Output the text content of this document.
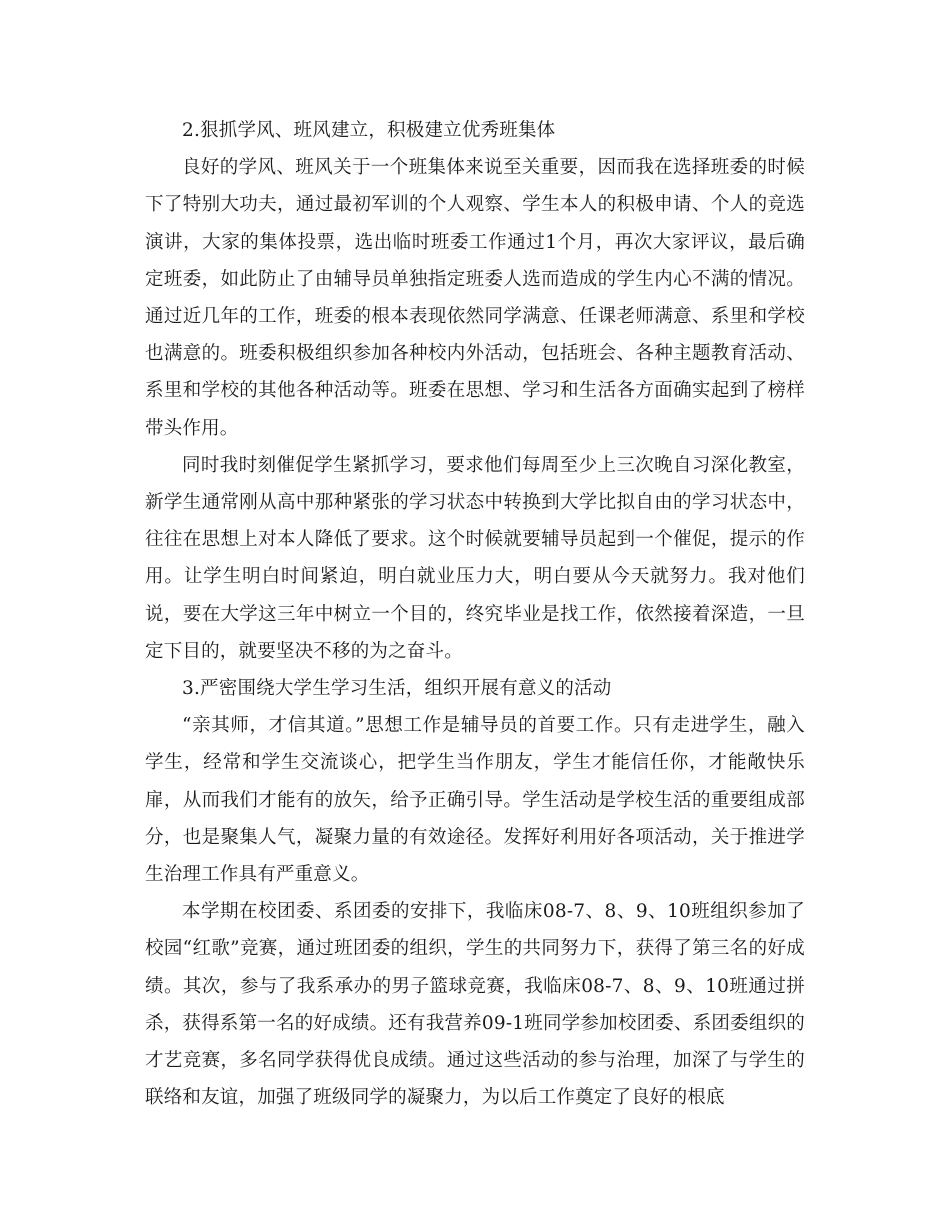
2.狠抓学风、班风建立，积极建立优秀班集体

良好的学风、班风关于一个班集体来说至关重要，因而我在选择班委的时候下了特别大功夫，通过最初军训的个人观察、学生本人的积极申请、个人的竞选演讲，大家的集体投票，选出临时班委工作通过1个月，再次大家评议，最后确定班委，如此防止了由辅导员单独指定班委人选而造成的学生内心不满的情况。通过近几年的工作，班委的根本表现依然同学满意、任课老师满意、系里和学校也满意的。班委积极组织参加各种校内外活动，包括班会、各种主题教育活动、系里和学校的其他各种活动等。班委在思想、学习和生活各方面确实起到了榜样带头作用。

同时我时刻催促学生紧抓学习，要求他们每周至少上三次晚自习深化教室，新学生通常刚从高中那种紧张的学习状态中转换到大学比拟自由的学习状态中，往往在思想上对本人降低了要求。这个时候就要辅导员起到一个催促，提示的作用。让学生明白时间紧迫，明白就业压力大，明白要从今天就努力。我对他们说，要在大学这三年中树立一个目的，终究毕业是找工作，依然接着深造，一旦定下目的，就要坚决不移的为之奋斗。

3.严密围绕大学生学习生活，组织开展有意义的活动

“亲其师，才信其道。”思想工作是辅导员的首要工作。只有走进学生，融入学生，经常和学生交流谈心，把学生当作朋友，学生才能信任你，才能敞快乐扉，从而我们才能有的放矢，给予正确引导。学生活动是学校生活的重要组成部分，也是聚集人气，凝聚力量的有效途径。发挥好利用好各项活动，关于推进学生治理工作具有严重意义。

本学期在校团委、系团委的安排下，我临床08-7、8、9、10班组织参加了校园“红歌”竞赛，通过班团委的组织，学生的共同努力下，获得了第三名的好成绩。其次，参与了我系承办的男子篮球竞赛，我临床08-7、8、9、10班通过拼杀，获得系第一名的好成绩。还有我营养09-1班同学参加校团委、系团委组织的才艺竞赛，多名同学获得优良成绩。通过这些活动的参与治理，加深了与学生的联络和友谊，加强了班级同学的凝聚力，为以后工作奠定了良好的根底
